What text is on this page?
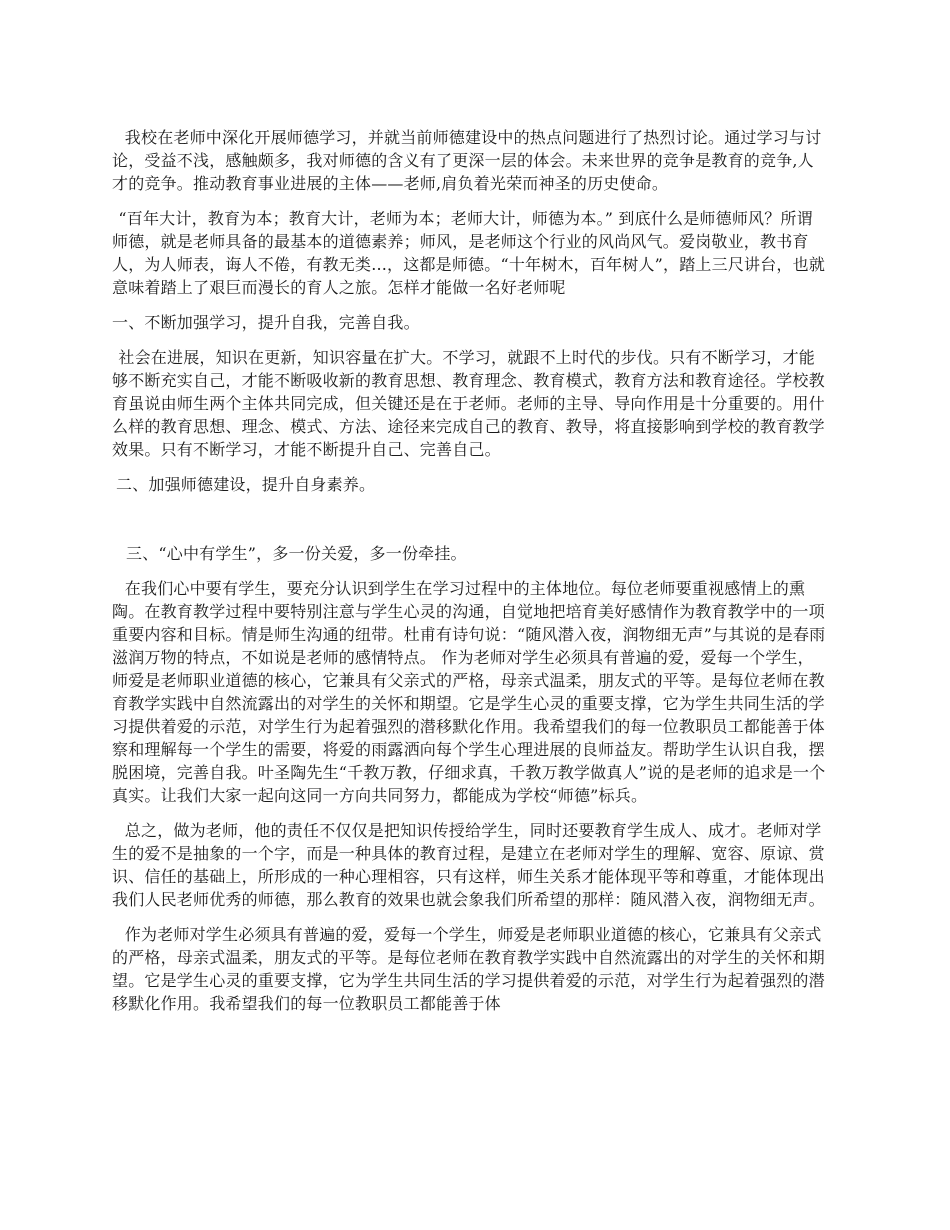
我校在老师中深化开展师德学习，并就当前师德建设中的热点问题进行了热烈讨论。通过学习与讨论，受益不浅，感触颇多，我对师德的含义有了更深一层的体会。未来世界的竞争是教育的竞争,人才的竞争。推动教育事业进展的主体——老师,肩负着光荣而神圣的历史使命。

“百年大计，教育为本；教育大计，老师为本；老师大计，师德为本。” 到底什么是师德师风？所谓师德，就是老师具备的最基本的道德素养；师风，是老师这个行业的风尚风气。爱岗敬业，教书育人，为人师表，诲人不倦，有教无类...，这都是师德。“十年树木，百年树人”，踏上三尺讲台，也就意味着踏上了艰巨而漫长的育人之旅。怎样才能做一名好老师呢

一、不断加强学习，提升自我，完善自我。

社会在进展，知识在更新，知识容量在扩大。不学习，就跟不上时代的步伐。只有不断学习，才能够不断充实自己，才能不断吸收新的教育思想、教育理念、教育模式，教育方法和教育途径。学校教育虽说由师生两个主体共同完成，但关键还是在于老师。老师的主导、导向作用是十分重要的。用什么样的教育思想、理念、模式、方法、途径来完成自己的教育、教导，将直接影响到学校的教育教学效果。只有不断学习，才能不断提升自己、完善自己。

二、加强师德建设，提升自身素养。

三、“心中有学生”，多一份关爱，多一份牵挂。

在我们心中要有学生，要充分认识到学生在学习过程中的主体地位。每位老师要重视感情上的熏陶。在教育教学过程中要特别注意与学生心灵的沟通，自觉地把培育美好感情作为教育教学中的一项重要内容和目标。情是师生沟通的纽带。杜甫有诗句说：“随风潜入夜，润物细无声”与其说的是春雨滋润万物的特点，不如说是老师的感情特点。 作为老师对学生必须具有普遍的爱，爱每一个学生，师爱是老师职业道德的核心，它兼具有父亲式的严格，母亲式温柔，朋友式的平等。是每位老师在教育教学实践中自然流露出的对学生的关怀和期望。它是学生心灵的重要支撑，它为学生共同生活的学习提供着爱的示范，对学生行为起着强烈的潜移默化作用。我希望我们的每一位教职员工都能善于体察和理解每一个学生的需要，将爱的雨露洒向每个学生心理进展的良师益友。帮助学生认识自我，摆脱困境，完善自我。叶圣陶先生“千教万教，仔细求真，千教万教学做真人”说的是老师的追求是一个真实。让我们大家一起向这同一方向共同努力，都能成为学校“师德”标兵。

总之，做为老师，他的责任不仅仅是把知识传授给学生，同时还要教育学生成人、成才。老师对学生的爱不是抽象的一个字，而是一种具体的教育过程，是建立在老师对学生的理解、宽容、原谅、赏识、信任的基础上，所形成的一种心理相容，只有这样，师生关系才能体现平等和尊重，才能体现出我们人民老师优秀的师德，那么教育的效果也就会象我们所希望的那样：随风潜入夜，润物细无声。

作为老师对学生必须具有普遍的爱，爱每一个学生，师爱是老师职业道德的核心，它兼具有父亲式的严格，母亲式温柔，朋友式的平等。是每位老师在教育教学实践中自然流露出的对学生的关怀和期望。它是学生心灵的重要支撑，它为学生共同生活的学习提供着爱的示范，对学生行为起着强烈的潜移默化作用。我希望我们的每一位教职员工都能善于体
